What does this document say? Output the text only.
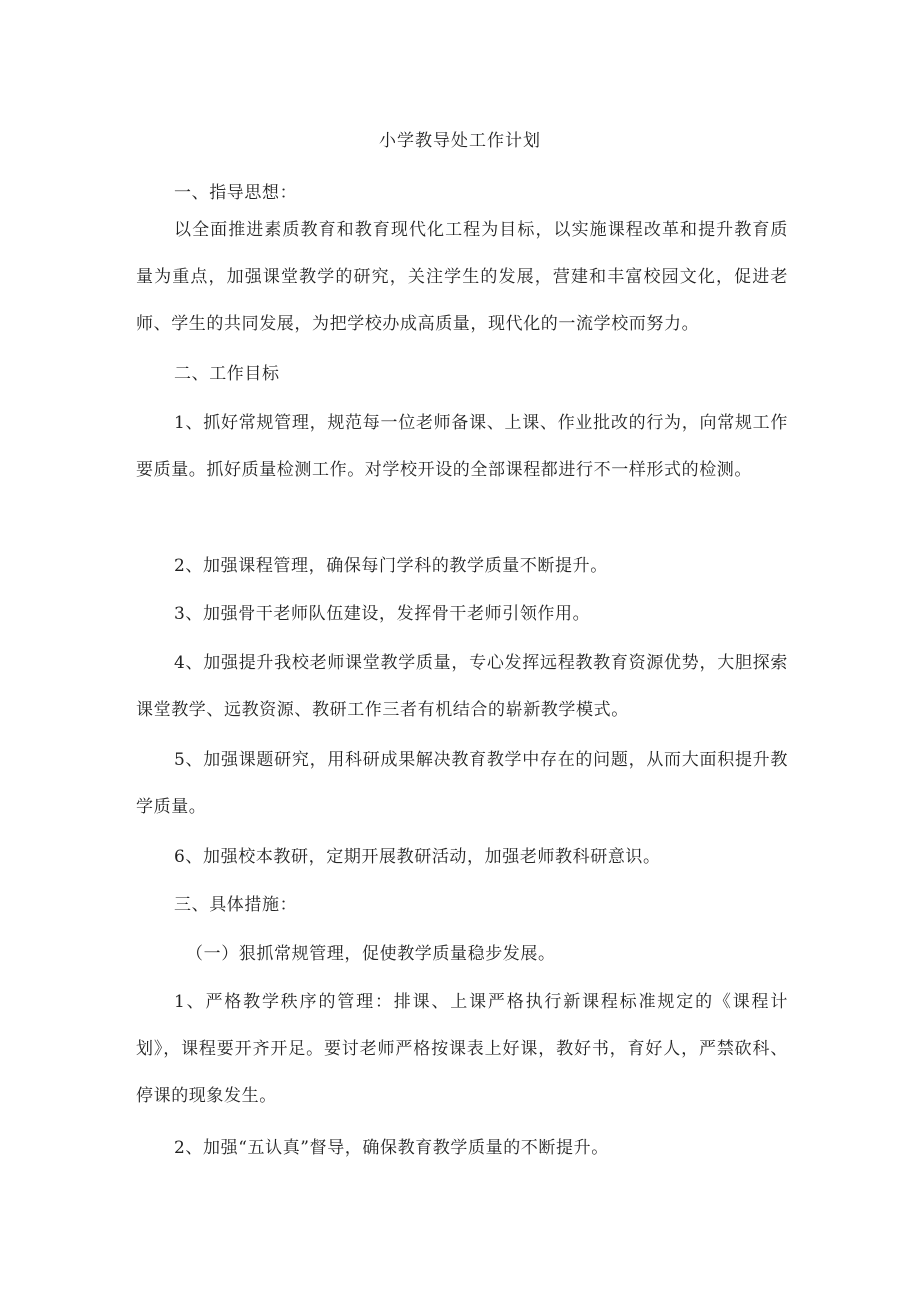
小学教导处工作计划

一、指导思想：

以全面推进素质教育和教育现代化工程为目标，以实施课程改革和提升教育质量为重点，加强课堂教学的研究，关注学生的发展，营建和丰富校园文化，促进老师、学生的共同发展，为把学校办成高质量，现代化的一流学校而努力。

二、工作目标

1、抓好常规管理，规范每一位老师备课、上课、作业批改的行为，向常规工作要质量。抓好质量检测工作。对学校开设的全部课程都进行不一样形式的检测。

2、加强课程管理，确保每门学科的教学质量不断提升。

3、加强骨干老师队伍建设，发挥骨干老师引领作用。

4、加强提升我校老师课堂教学质量，专心发挥远程教教育资源优势，大胆探索课堂教学、远教资源、教研工作三者有机结合的崭新教学模式。

5、加强课题研究，用科研成果解决教育教学中存在的问题，从而大面积提升教学质量。

6、加强校本教研，定期开展教研活动，加强老师教科研意识。

三、具体措施：

（一）狠抓常规管理，促使教学质量稳步发展。

1、严格教学秩序的管理：排课、上课严格执行新课程标准规定的《课程计划》，课程要开齐开足。要讨老师严格按课表上好课，教好书，育好人，严禁砍科、停课的现象发生。

2、加强“五认真”督导，确保教育教学质量的不断提升。
